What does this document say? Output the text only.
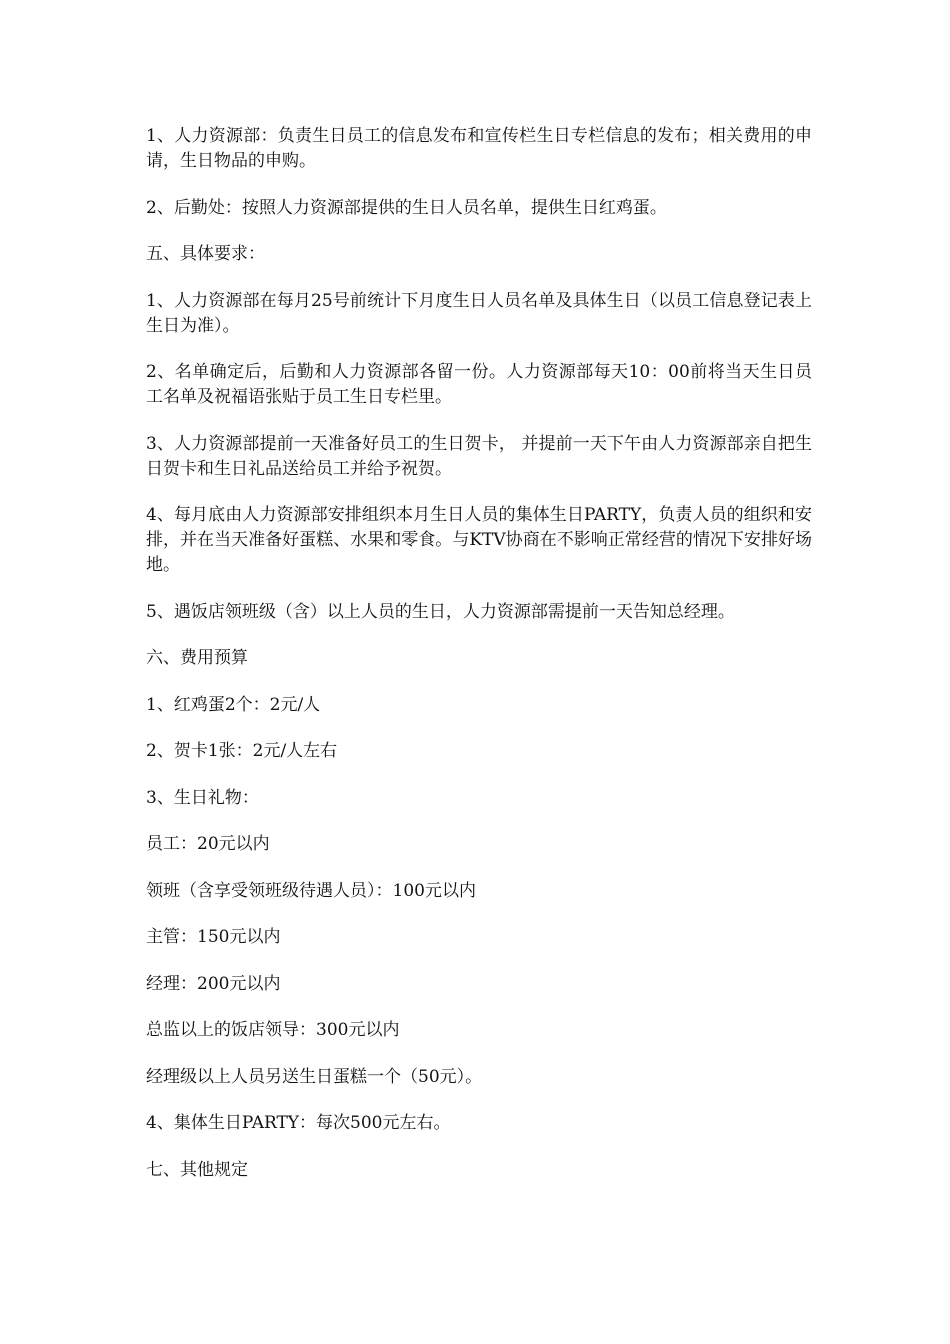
1、人力资源部：负责生日员工的信息发布和宣传栏生日专栏信息的发布；相关费用的申请，生日物品的申购。

2、后勤处：按照人力资源部提供的生日人员名单，提供生日红鸡蛋。

五、具体要求：

1、人力资源部在每月25号前统计下月度生日人员名单及具体生日（以员工信息登记表上生日为准）。

2、名单确定后，后勤和人力资源部各留一份。人力资源部每天10：00前将当天生日员工名单及祝福语张贴于员工生日专栏里。

3、人力资源部提前一天准备好员工的生日贺卡， 并提前一天下午由人力资源部亲自把生日贺卡和生日礼品送给员工并给予祝贺。

4、每月底由人力资源部安排组织本月生日人员的集体生日PARTY，负责人员的组织和安排，并在当天准备好蛋糕、水果和零食。与KTV协商在不影响正常经营的情况下安排好场地。

5、遇饭店领班级（含）以上人员的生日，人力资源部需提前一天告知总经理。

六、费用预算

1、红鸡蛋2个：2元/人

2、贺卡1张：2元/人左右

3、生日礼物：

员工：20元以内

领班（含享受领班级待遇人员）：100元以内

主管：150元以内

经理：200元以内

总监以上的饭店领导：300元以内

经理级以上人员另送生日蛋糕一个（50元）。

4、集体生日PARTY：每次500元左右。

七、其他规定
